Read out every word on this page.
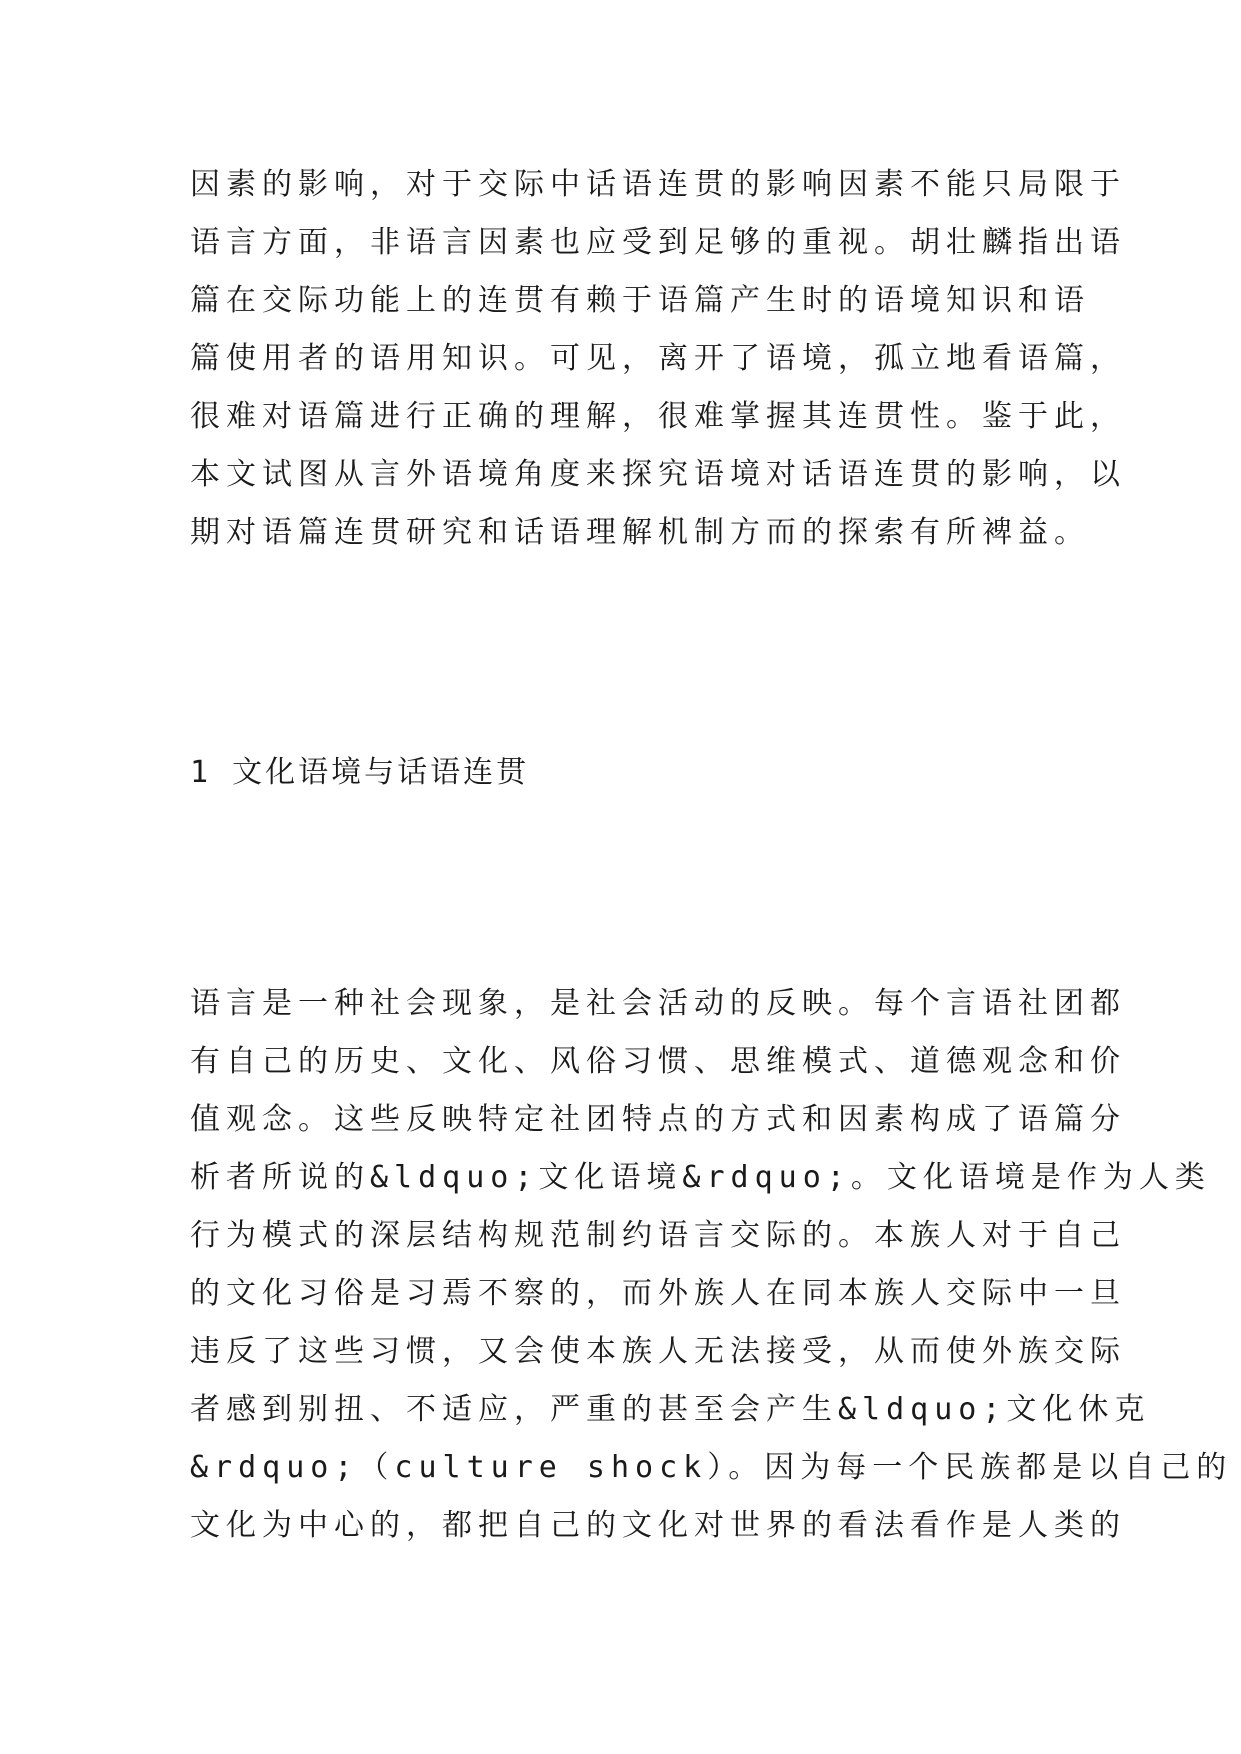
因素的影响，对于交际中话语连贯的影响因素不能只局限于
语言方面，非语言因素也应受到足够的重视。胡壮麟指出语
篇在交际功能上的连贯有赖于语篇产生时的语境知识和语
篇使用者的语用知识。可见，离开了语境，孤立地看语篇，
很难对语篇进行正确的理解，很难掌握其连贯性。鉴于此，
本文试图从言外语境角度来探究语境对话语连贯的影响，以
期对语篇连贯研究和话语理解机制方而的探索有所裨益。
1 文化语境与话语连贯
语言是一种社会现象，是社会活动的反映。每个言语社团都
有自己的历史、文化、风俗习惯、思维模式、道德观念和价
值观念。这些反映特定社团特点的方式和因素构成了语篇分
析者所说的&ldquo;文化语境&rdquo;。文化语境是作为人类
行为模式的深层结构规范制约语言交际的。本族人对于自己
的文化习俗是习焉不察的，而外族人在同本族人交际中一旦
违反了这些习惯，又会使本族人无法接受，从而使外族交际
者感到别扭、不适应，严重的甚至会产生&ldquo;文化休克
&rdquo;（culture shock）。因为每一个民族都是以自己的
文化为中心的，都把自己的文化对世界的看法看作是人类的
